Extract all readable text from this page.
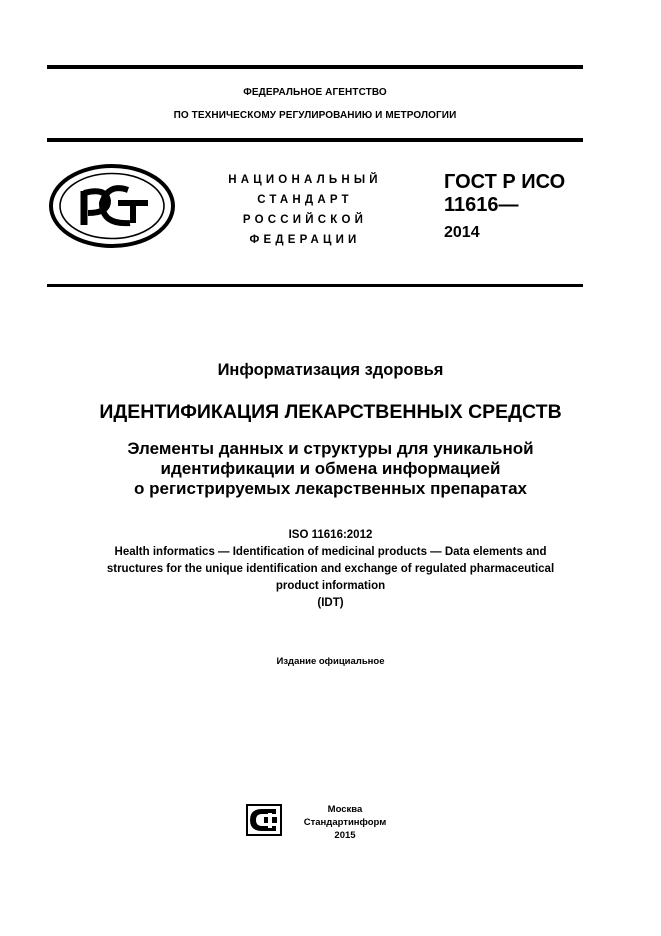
ФЕДЕРАЛЬНОЕ АГЕНТСТВО
ПО ТЕХНИЧЕСКОМУ РЕГУЛИРОВАНИЮ И МЕТРОЛОГИИ
НАЦИОНАЛЬНЫЙ
СТАНДАРТ
РОССИЙСКОЙ
ФЕДЕРАЦИИ
ГОСТ Р ИСО
11616—
2014
Информатизация здоровья
ИДЕНТИФИКАЦИЯ ЛЕКАРСТВЕННЫХ СРЕДСТВ
Элементы данных и структуры для уникальной
идентификации и обмена информацией
о регистрируемых лекарственных препаратах
ISO 11616:2012
Health informatics — Identification of medicinal products — Data elements and
structures for the unique identification and exchange of regulated pharmaceutical
product information
(IDT)
Издание официальное
Москва
Стандартинформ
2015
